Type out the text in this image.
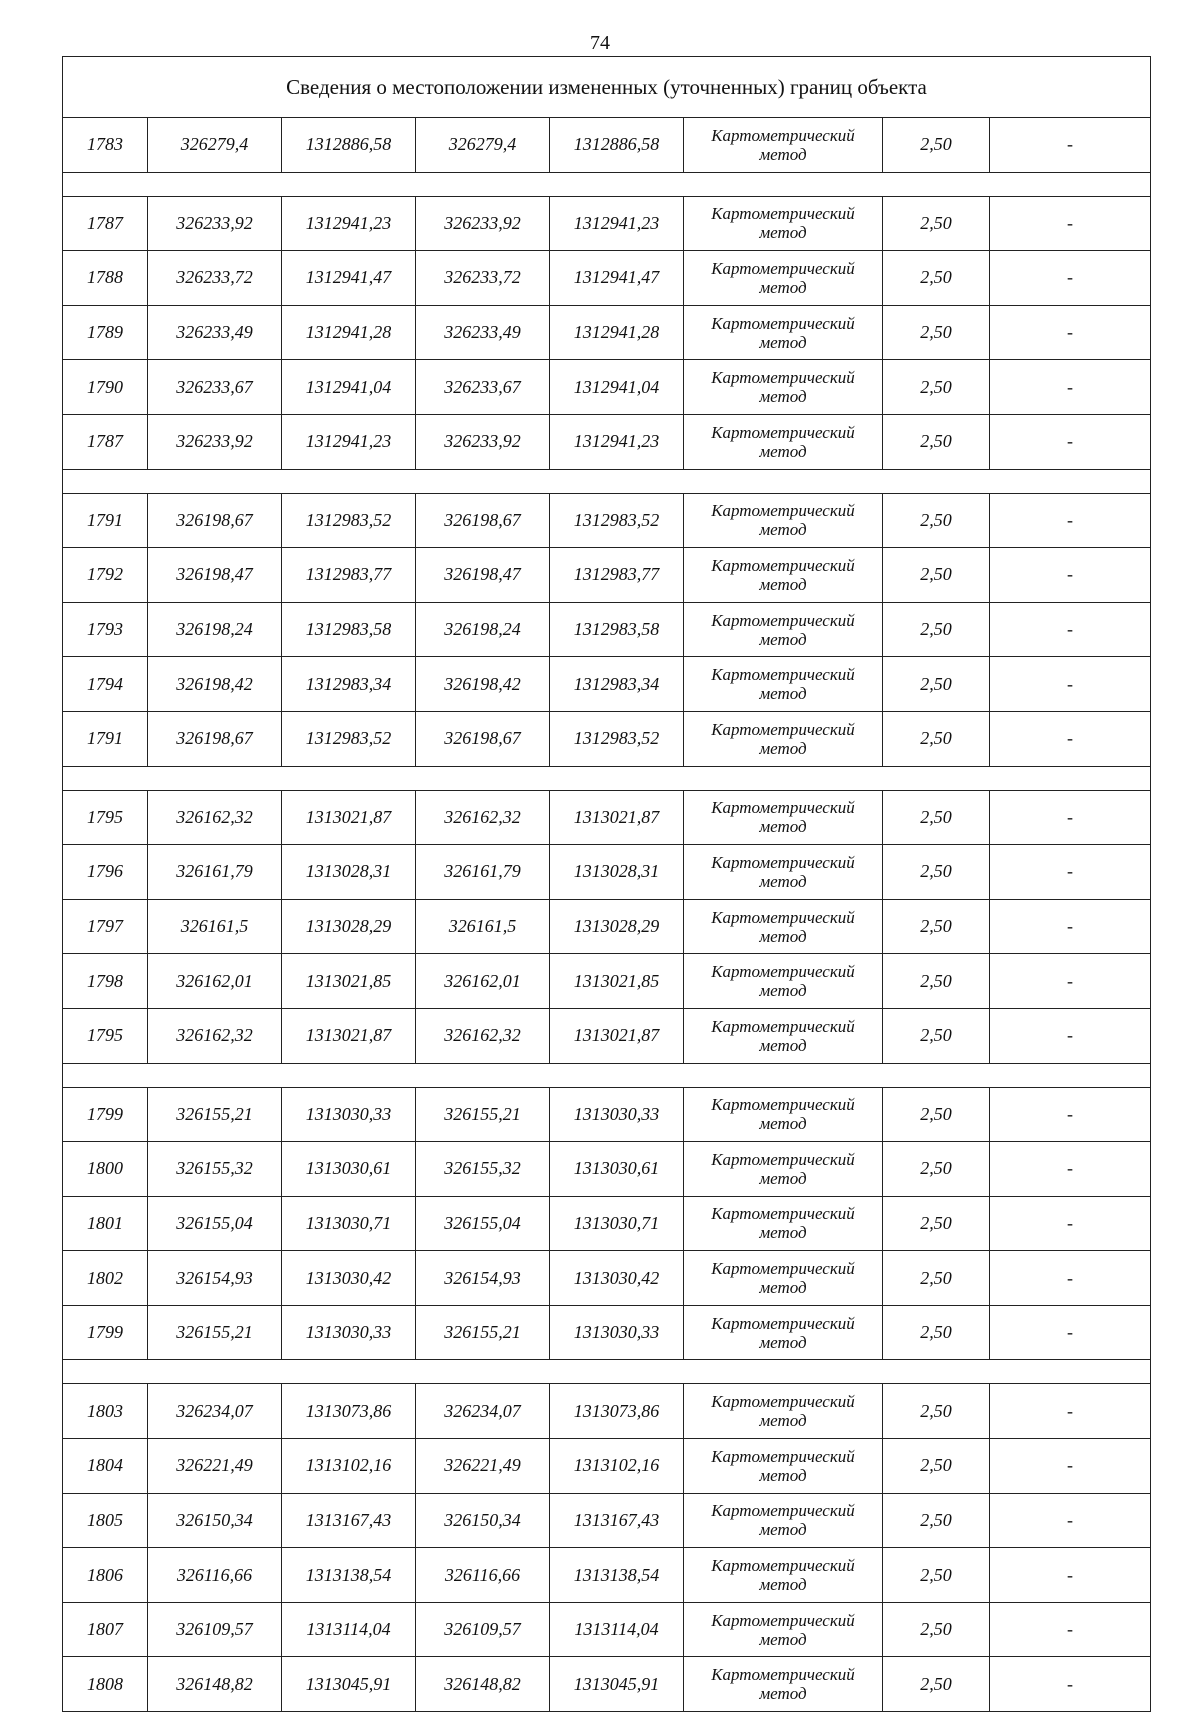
74
Сведения о местоположении измененных (уточненных) границ объекта							
1783	326279,4	1312886,58	326279,4	1312886,58	Картометрический метод	2,50	-

1787	326233,92	1312941,23	326233,92	1312941,23	Картометрический метод	2,50	-
1788	326233,72	1312941,47	326233,72	1312941,47	Картометрический метод	2,50	-
1789	326233,49	1312941,28	326233,49	1312941,28	Картометрический метод	2,50	-
1790	326233,67	1312941,04	326233,67	1312941,04	Картометрический метод	2,50	-
1787	326233,92	1312941,23	326233,92	1312941,23	Картометрический метод	2,50	-

1791	326198,67	1312983,52	326198,67	1312983,52	Картометрический метод	2,50	-
1792	326198,47	1312983,77	326198,47	1312983,77	Картометрический метод	2,50	-
1793	326198,24	1312983,58	326198,24	1312983,58	Картометрический метод	2,50	-
1794	326198,42	1312983,34	326198,42	1312983,34	Картометрический метод	2,50	-
1791	326198,67	1312983,52	326198,67	1312983,52	Картометрический метод	2,50	-

1795	326162,32	1313021,87	326162,32	1313021,87	Картометрический метод	2,50	-
1796	326161,79	1313028,31	326161,79	1313028,31	Картометрический метод	2,50	-
1797	326161,5	1313028,29	326161,5	1313028,29	Картометрический метод	2,50	-
1798	326162,01	1313021,85	326162,01	1313021,85	Картометрический метод	2,50	-
1795	326162,32	1313021,87	326162,32	1313021,87	Картометрический метод	2,50	-

1799	326155,21	1313030,33	326155,21	1313030,33	Картометрический метод	2,50	-
1800	326155,32	1313030,61	326155,32	1313030,61	Картометрический метод	2,50	-
1801	326155,04	1313030,71	326155,04	1313030,71	Картометрический метод	2,50	-
1802	326154,93	1313030,42	326154,93	1313030,42	Картометрический метод	2,50	-
1799	326155,21	1313030,33	326155,21	1313030,33	Картометрический метод	2,50	-

1803	326234,07	1313073,86	326234,07	1313073,86	Картометрический метод	2,50	-
1804	326221,49	1313102,16	326221,49	1313102,16	Картометрический метод	2,50	-
1805	326150,34	1313167,43	326150,34	1313167,43	Картометрический метод	2,50	-
1806	326116,66	1313138,54	326116,66	1313138,54	Картометрический метод	2,50	-
1807	326109,57	1313114,04	326109,57	1313114,04	Картометрический метод	2,50	-
1808	326148,82	1313045,91	326148,82	1313045,91	Картометрический метод	2,50	-
